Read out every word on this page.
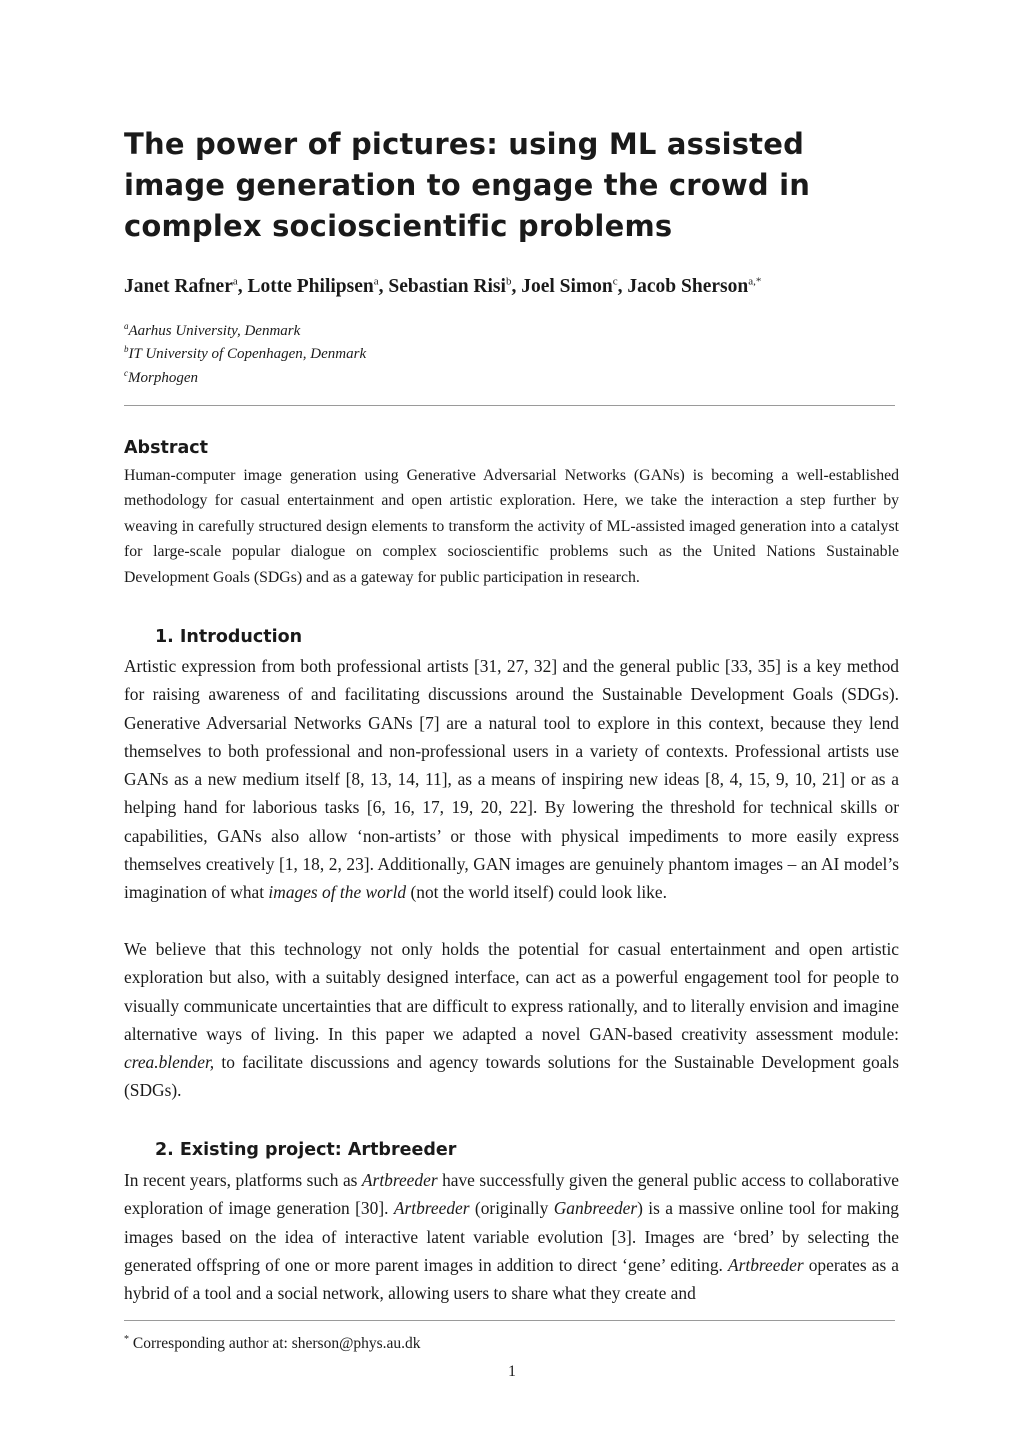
The power of pictures: using ML assisted image generation to engage the crowd in complex socioscientific problems
Janet Rafner$^a$, Lotte Philipsen$^a$, Sebastian Risi$^b$, Joel Simon$^c$, Jacob Sherson$^{a,*}$
$^a$Aarhus University, Denmark
$^b$IT University of Copenhagen, Denmark
$^c$Morphogen
Abstract

Human-computer image generation using Generative Adversarial Networks (GANs) is becoming a well-established methodology for casual entertainment and open artistic exploration. Here, we take the interaction a step further by weaving in carefully structured design elements to transform the activity of ML-assisted imaged generation into a catalyst for large-scale popular dialogue on complex socioscientific problems such as the United Nations Sustainable Development Goals (SDGs) and as a gateway for public participation in research.

1. Introduction

Artistic expression from both professional artists [31, 27, 32] and the general public [33, 35] is a key method for raising awareness of and facilitating discussions around the Sustainable Development Goals (SDGs). Generative Adversarial Networks GANs [7] are a natural tool to explore in this context, because they lend themselves to both professional and non-professional users in a variety of contexts. Professional artists use GANs as a new medium itself [8, 13, 14, 11], as a means of inspiring new ideas [8, 4, 15, 9, 10, 21] or as a helping hand for laborious tasks [6, 16, 17, 19, 20, 22]. By lowering the threshold for technical skills or capabilities, GANs also allow ‘non-artists’ or those with physical impediments to more easily express themselves creatively [1, 18, 2, 23]. Additionally, GAN images are genuinely phantom images – an AI model’s imagination of what images of the world (not the world itself) could look like.

We believe that this technology not only holds the potential for casual entertainment and open artistic exploration but also, with a suitably designed interface, can act as a powerful engagement tool for people to visually communicate uncertainties that are difficult to express rationally, and to literally envision and imagine alternative ways of living. In this paper we adapted a novel GAN-based creativity assessment module: crea.blender, to facilitate discussions and agency towards solutions for the Sustainable Development goals (SDGs).

2. Existing project: Artbreeder

In recent years, platforms such as Artbreeder have successfully given the general public access to collaborative exploration of image generation [30]. Artbreeder (originally Ganbreeder) is a massive online tool for making images based on the idea of interactive latent variable evolution [3]. Images are ‘bred’ by selecting the generated offspring of one or more parent images in addition to direct ‘gene’ editing. Artbreeder operates as a hybrid of a tool and a social network, allowing users to share what they create and

* Corresponding author at: sherson@phys.au.dk
1
